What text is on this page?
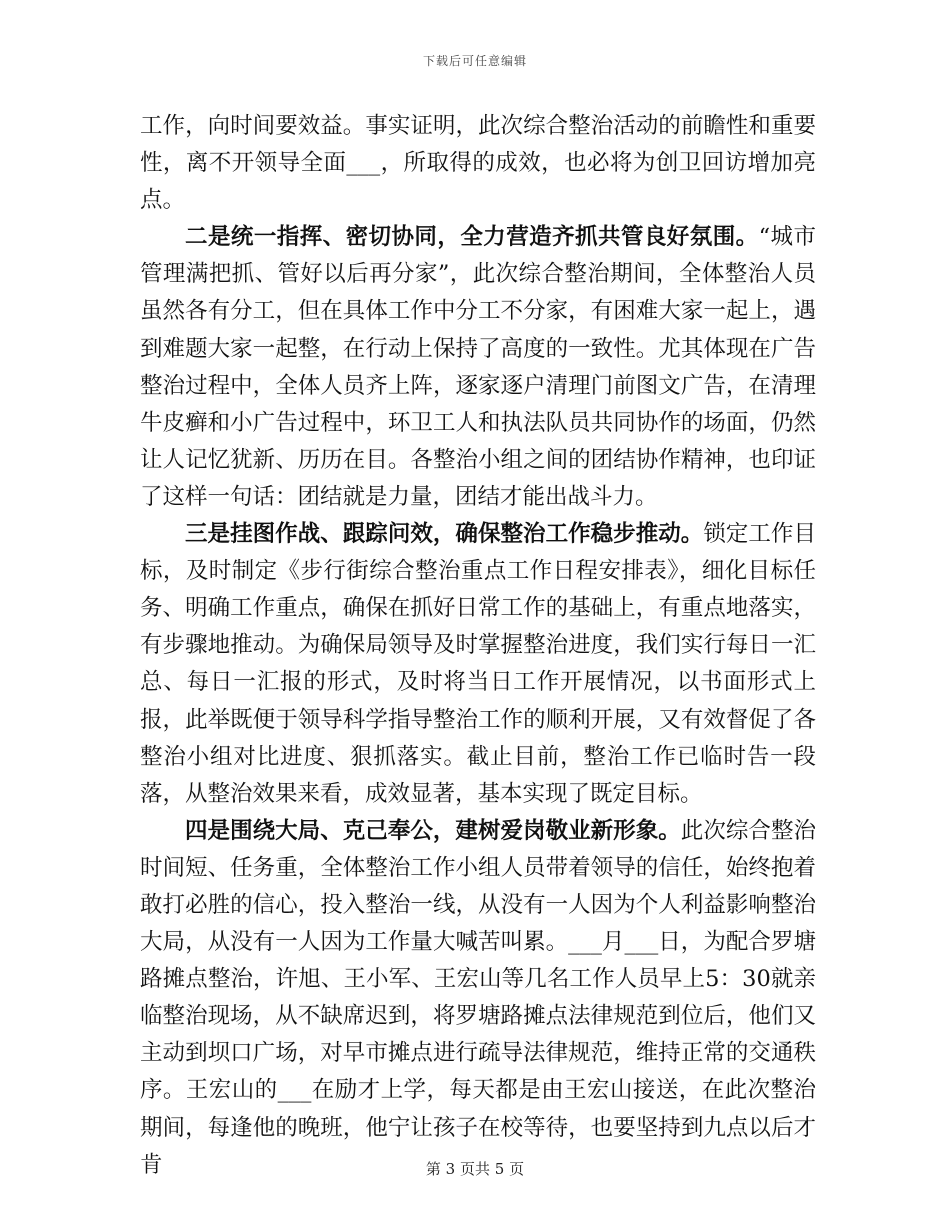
下载后可任意编辑

工作，向时间要效益。事实证明，此次综合整治活动的前瞻性和重要性，离不开领导全面___，所取得的成效，也必将为创卫回访增加亮点。

二是统一指挥、密切协同，全力营造齐抓共管良好氛围。“城市管理满把抓、管好以后再分家”，此次综合整治期间，全体整治人员虽然各有分工，但在具体工作中分工不分家，有困难大家一起上，遇到难题大家一起整，在行动上保持了高度的一致性。尤其体现在广告整治过程中，全体人员齐上阵，逐家逐户清理门前图文广告，在清理牛皮癣和小广告过程中，环卫工人和执法队员共同协作的场面，仍然让人记忆犹新、历历在目。各整治小组之间的团结协作精神，也印证了这样一句话：团结就是力量，团结才能出战斗力。

三是挂图作战、跟踪问效，确保整治工作稳步推动。锁定工作目标，及时制定《步行街综合整治重点工作日程安排表》，细化目标任务、明确工作重点，确保在抓好日常工作的基础上，有重点地落实，有步骤地推动。为确保局领导及时掌握整治进度，我们实行每日一汇总、每日一汇报的形式，及时将当日工作开展情况，以书面形式上报，此举既便于领导科学指导整治工作的顺利开展，又有效督促了各整治小组对比进度、狠抓落实。截止目前，整治工作已临时告一段落，从整治效果来看，成效显著，基本实现了既定目标。

四是围绕大局、克己奉公，建树爱岗敬业新形象。此次综合整治时间短、任务重，全体整治工作小组人员带着领导的信任，始终抱着敢打必胜的信心，投入整治一线，从没有一人因为个人利益影响整治大局，从没有一人因为工作量大喊苦叫累。___月___日，为配合罗塘路摊点整治，许旭、王小军、王宏山等几名工作人员早上5：30就亲临整治现场，从不缺席迟到，将罗塘路摊点法律规范到位后，他们又主动到坝口广场，对早市摊点进行疏导法律规范，维持正常的交通秩序。王宏山的___在励才上学，每天都是由王宏山接送，在此次整治期间，每逢他的晚班，他宁让孩子在校等待，也要坚持到九点以后才肯	第 3 页共 5 页
